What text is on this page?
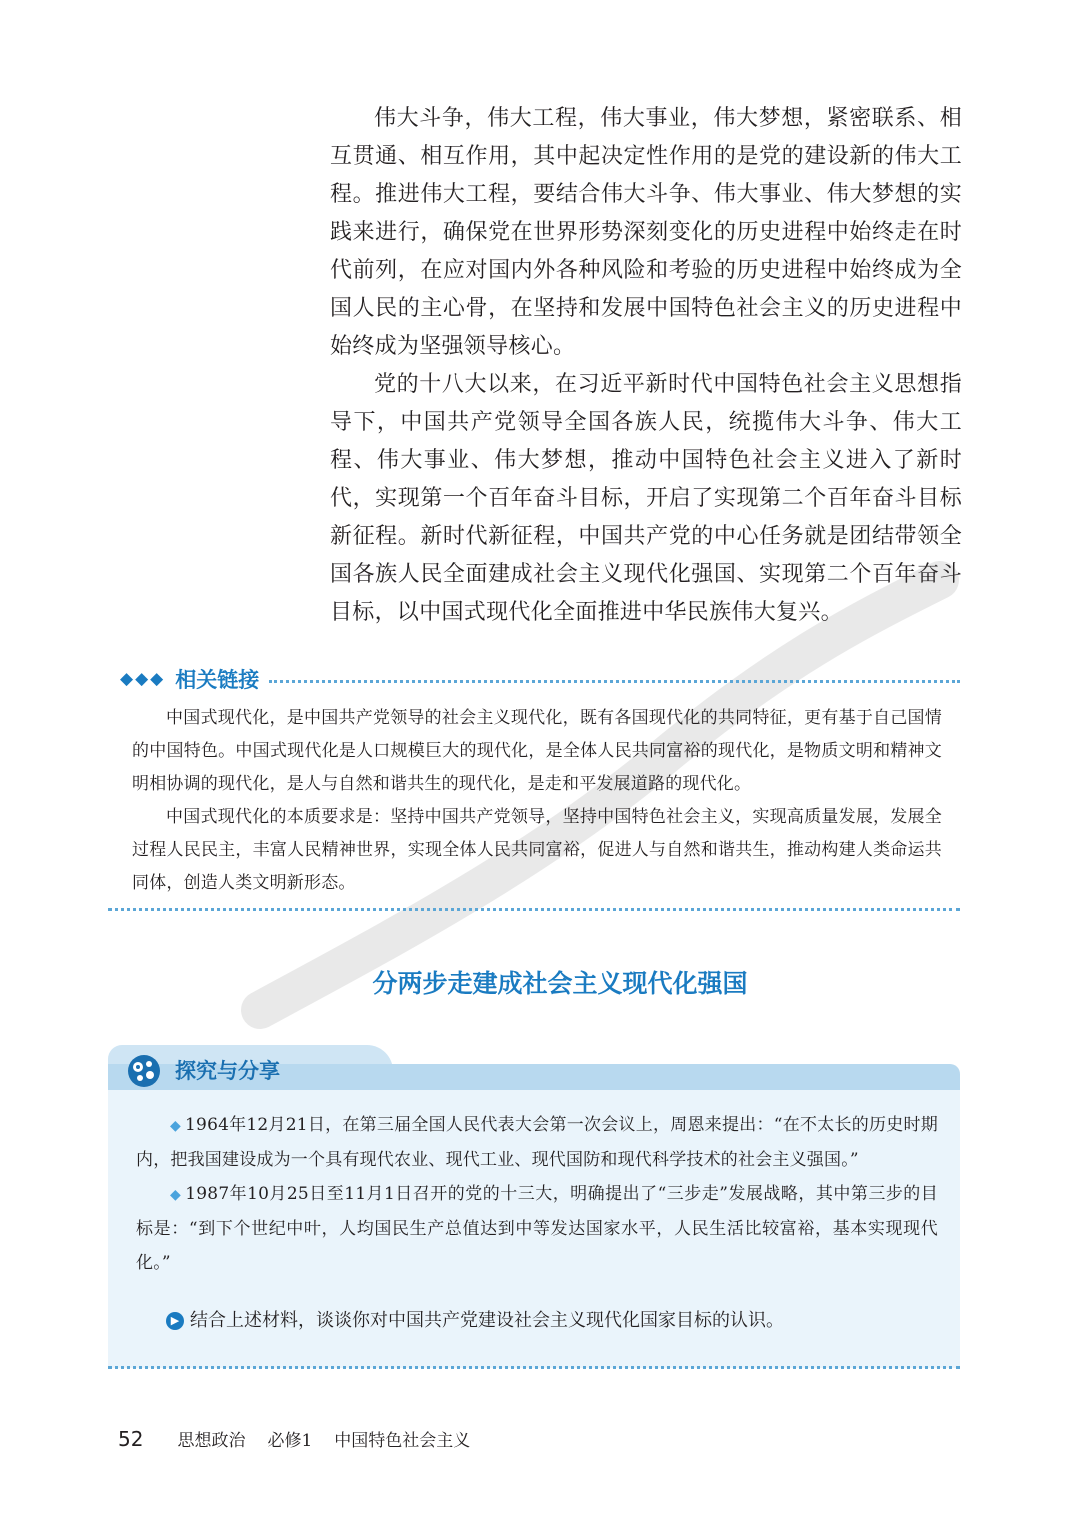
伟大斗争，伟大工程，伟大事业，伟大梦想，紧密联系、相互贯通、相互作用，其中起决定性作用的是党的建设新的伟大工程。推进伟大工程，要结合伟大斗争、伟大事业、伟大梦想的实践来进行，确保党在世界形势深刻变化的历史进程中始终走在时代前列，在应对国内外各种风险和考验的历史进程中始终成为全国人民的主心骨，在坚持和发展中国特色社会主义的历史进程中始终成为坚强领导核心。

党的十八大以来，在习近平新时代中国特色社会主义思想指导下，中国共产党领导全国各族人民，统揽伟大斗争、伟大工程、伟大事业、伟大梦想，推动中国特色社会主义进入了新时代，实现第一个百年奋斗目标，开启了实现第二个百年奋斗目标新征程。新时代新征程，中国共产党的中心任务就是团结带领全国各族人民全面建成社会主义现代化强国、实现第二个百年奋斗目标，以中国式现代化全面推进中华民族伟大复兴。

◆◆◆ 相关链接

中国式现代化，是中国共产党领导的社会主义现代化，既有各国现代化的共同特征，更有基于自己国情的中国特色。中国式现代化是人口规模巨大的现代化，是全体人民共同富裕的现代化，是物质文明和精神文明相协调的现代化，是人与自然和谐共生的现代化，是走和平发展道路的现代化。

中国式现代化的本质要求是：坚持中国共产党领导，坚持中国特色社会主义，实现高质量发展，发展全过程人民民主，丰富人民精神世界，实现全体人民共同富裕，促进人与自然和谐共生，推动构建人类命运共同体，创造人类文明新形态。

分两步走建成社会主义现代化强国
探究与分享

◆ 1964年12月21日，在第三届全国人民代表大会第一次会议上，周恩来提出：“在不太长的历史时期内，把我国建设成为一个具有现代农业、现代工业、现代国防和现代科学技术的社会主义强国。”

◆ 1987年10月25日至11月1日召开的党的十三大，明确提出了“三步走”发展战略，其中第三步的目标是：“到下个世纪中叶，人均国民生产总值达到中等发达国家水平，人民生活比较富裕，基本实现现代化。”

▶ 结合上述材料，谈谈你对中国共产党建设社会主义现代化国家目标的认识。
52 思想政治 必修1 中国特色社会主义
